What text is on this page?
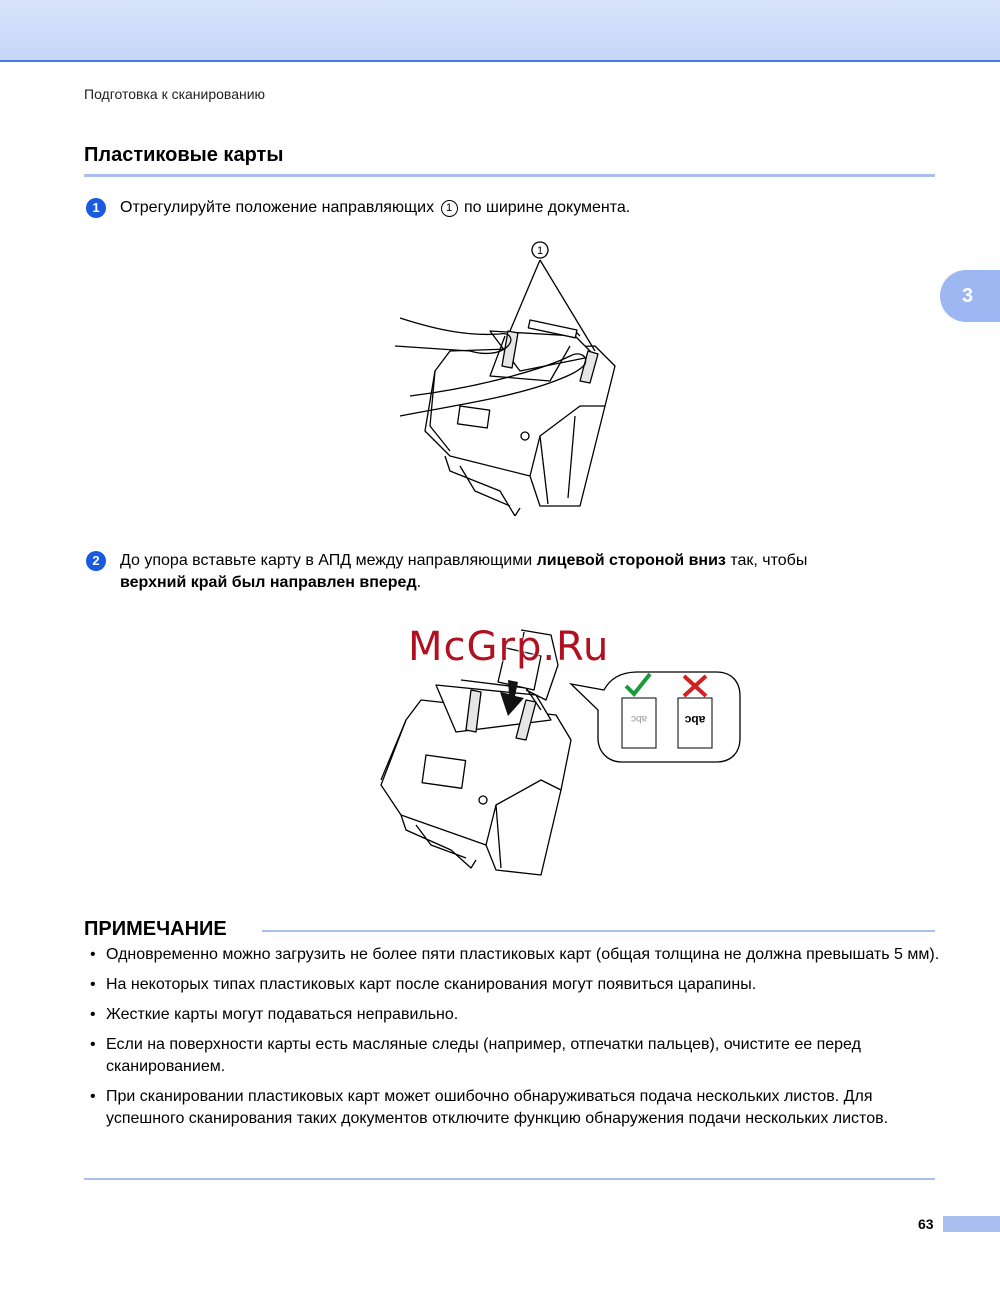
Подготовка к сканированию
Пластиковые карты
3
1	Отрегулируйте положение направляющих 1 по ширине документа.
1
2	До упора вставьте карту в АПД между направляющими лицевой стороной вниз так, чтобы
верхний край был направлен вперед.
abc	abc
McGrp.Ru
ПРИМЕЧАНИЕ
• Одновременно можно загрузить не более пяти пластиковых карт (общая толщина не должна превышать 5 мм).
• На некоторых типах пластиковых карт после сканирования могут появиться царапины.
• Жесткие карты могут подаваться неправильно.
• Если на поверхности карты есть масляные следы (например, отпечатки пальцев), очистите ее перед сканированием.
• При сканировании пластиковых карт может ошибочно обнаруживаться подача нескольких листов. Для успешного сканирования таких документов отключите функцию обнаружения подачи нескольких листов.
63
